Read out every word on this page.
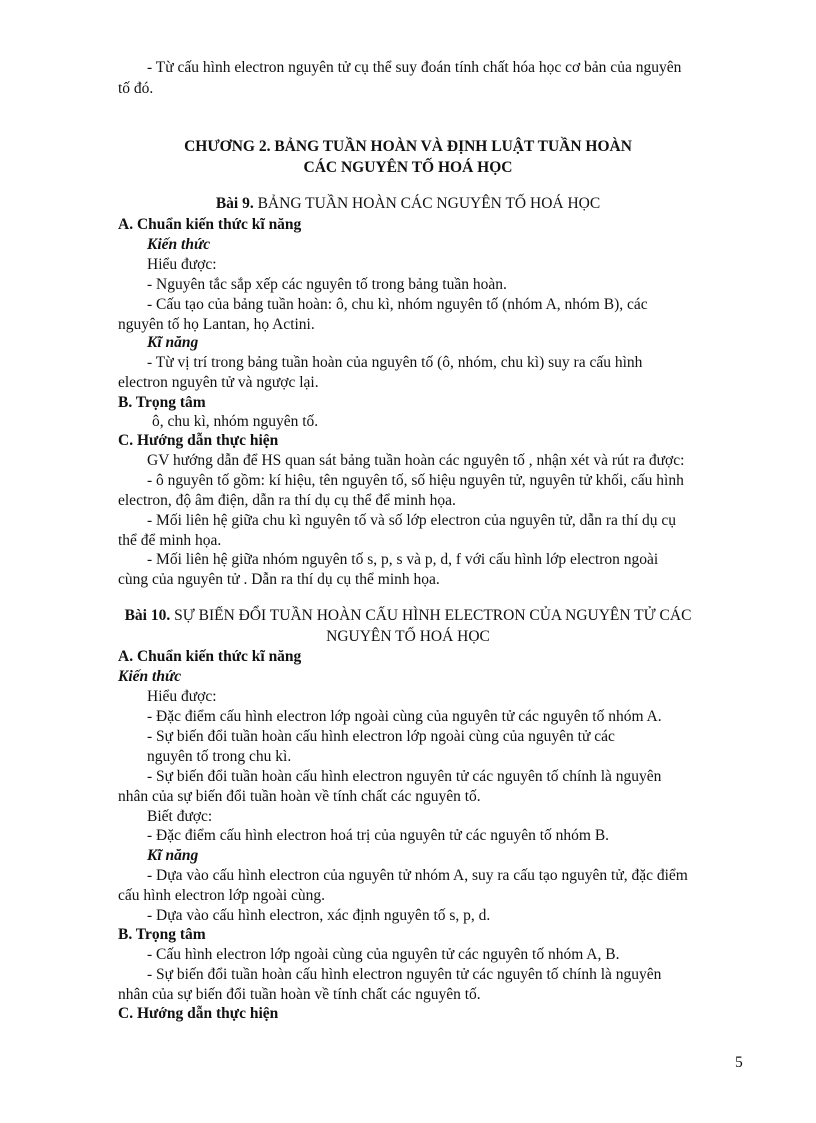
- Từ cấu hình electron nguyên tử cụ thể suy đoán tính chất hóa học cơ bản của nguyên
tố đó.
CHƯƠNG 2. BẢNG TUẦN HOÀN VÀ ĐỊNH LUẬT TUẦN HOÀN
CÁC NGUYÊN TỐ HOÁ HỌC
Bài 9. BẢNG TUẦN HOÀN CÁC NGUYÊN TỐ HOÁ HỌC
A. Chuẩn kiến thức kĩ năng
Kiến thức
Hiểu được:
- Nguyên tắc sắp xếp các nguyên tố trong bảng tuần hoàn.
- Cấu tạo của bảng tuần hoàn: ô, chu kì, nhóm nguyên tố (nhóm A, nhóm B), các
nguyên tố họ Lantan, họ Actini.
Kĩ năng
- Từ vị trí trong bảng tuần hoàn của nguyên tố (ô, nhóm, chu kì) suy ra cấu hình
electron nguyên tử và ngược lại.
B. Trọng tâm
ô, chu kì, nhóm nguyên tố.
C. Hướng dẫn thực hiện
GV hướng dẫn để HS quan sát bảng tuần hoàn các nguyên tố , nhận xét và rút ra được:
- ô nguyên tố gồm: kí hiệu, tên nguyên tố, số hiệu nguyên tử, nguyên tử khối, cấu hình
electron, độ âm điện, dẫn ra thí dụ cụ thể để minh họa.
- Mối liên hệ giữa chu kì nguyên tố và số lớp electron của nguyên tử, dẫn ra thí dụ cụ
thể để minh họa.
- Mối liên hệ giữa nhóm nguyên tố s, p, s và p, d, f với cấu hình lớp electron ngoài
cùng của nguyên tử . Dẫn ra thí dụ cụ thể minh họa.
Bài 10. SỰ BIẾN ĐỔI TUẦN HOÀN CẤU HÌNH ELECTRON CỦA NGUYÊN TỬ CÁC
NGUYÊN TỐ HOÁ HỌC
A. Chuẩn kiến thức kĩ năng
Kiến thức
Hiểu được:
- Đặc điểm cấu hình electron lớp ngoài cùng của nguyên tử các nguyên tố nhóm A.
- Sự biến đổi tuần hoàn cấu hình electron lớp ngoài cùng của nguyên tử các
nguyên tố trong chu kì.
- Sự biến đổi tuần hoàn cấu hình electron nguyên tử các nguyên tố chính là nguyên
nhân của sự biến đổi tuần hoàn về tính chất các nguyên tố.
Biết được:
- Đặc điểm cấu hình electron hoá trị của nguyên tử các nguyên tố nhóm B.
Kĩ năng
- Dựa vào cấu hình electron của nguyên tử nhóm A, suy ra cấu tạo nguyên tử, đặc điểm
cấu hình electron lớp ngoài cùng.
- Dựa vào cấu hình electron, xác định nguyên tố s, p, d.
B. Trọng tâm
- Cấu hình electron lớp ngoài cùng của nguyên tử các nguyên tố nhóm A, B.
- Sự biến đổi tuần hoàn cấu hình electron nguyên tử các nguyên tố chính là nguyên
nhân của sự biến đổi tuần hoàn về tính chất các nguyên tố.
C. Hướng dẫn thực hiện
5
